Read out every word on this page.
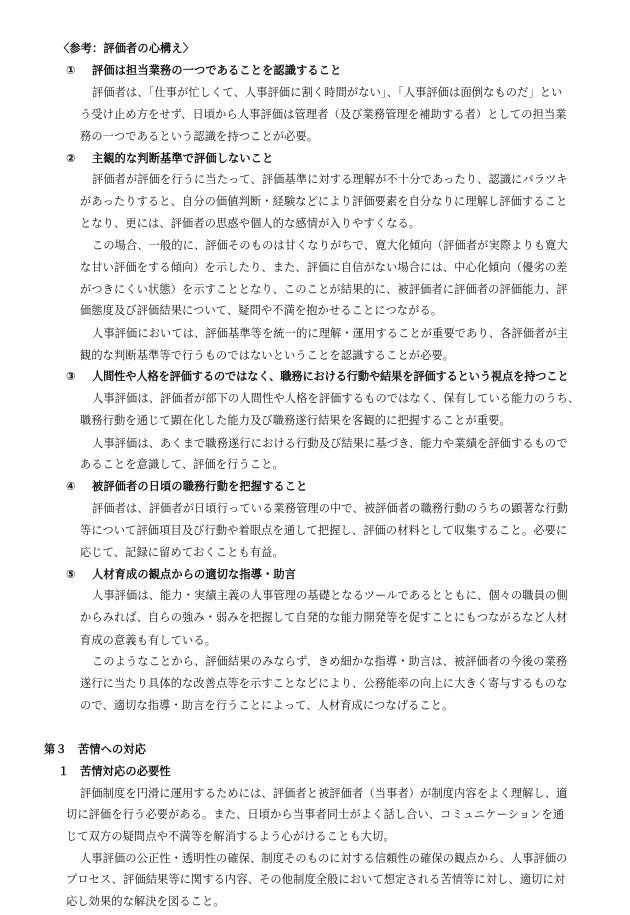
〈参考：評価者の心構え〉
① 評価は担当業務の一つであることを認識すること
評価者は、「仕事が忙しくて、人事評価に割く時間がない」、「人事評価は面倒なものだ」とい
う受け止め方をせず、日頃から人事評価は管理者（及び業務管理を補助する者）としての担当業
務の一つであるという認識を持つことが必要。
② 主観的な判断基準で評価しないこと
評価者が評価を行うに当たって、評価基準に対する理解が不十分であったり、認識にバラツキ
があったりすると、自分の価値判断・経験などにより評価要素を自分なりに理解し評価すること
となり、更には、評価者の思惑や個人的な感情が入りやすくなる。
この場合、一般的に、評価そのものは甘くなりがちで、寛大化傾向（評価者が実際よりも寛大
な甘い評価をする傾向）を示したり、また、評価に自信がない場合には、中心化傾向（優劣の差
がつきにくい状態）を示すこととなり、このことが結果的に、被評価者に評価者の評価能力、評
価態度及び評価結果について、疑問や不満を抱かせることにつながる。
人事評価においては、評価基準等を統一的に理解・運用することが重要であり、各評価者が主
観的な判断基準等で行うものではないということを認識することが必要。
③ 人間性や人格を評価するのではなく、職務における行動や結果を評価するという視点を持つこと
人事評価は、評価者が部下の人間性や人格を評価するものではなく、保有している能力のうち、
職務行動を通じて顕在化した能力及び職務遂行結果を客観的に把握することが重要。
人事評価は、あくまで職務遂行における行動及び結果に基づき、能力や業績を評価するもので
あることを意識して、評価を行うこと。
④ 被評価者の日頃の職務行動を把握すること
評価者は、評価者が日頃行っている業務管理の中で、被評価者の職務行動のうちの顕著な行動
等について評価項目及び行動や着眼点を通して把握し、評価の材料として収集すること。必要に
応じて、記録に留めておくことも有益。
⑤ 人材育成の観点からの適切な指導・助言
人事評価は、能力・実績主義の人事管理の基礎となるツールであるとともに、個々の職員の側
からみれば、自らの強み・弱みを把握して自発的な能力開発等を促すことにもつながるなど人材
育成の意義も有している。
このようなことから、評価結果のみならず、きめ細かな指導・助言は、被評価者の今後の業務
遂行に当たり具体的な改善点等を示すことなどにより、公務能率の向上に大きく寄与するものな
ので、適切な指導・助言を行うことによって、人材育成につなげること。
第３　苦情への対応
１ 苦情対応の必要性
評価制度を円滑に運用するためには、評価者と被評価者（当事者）が制度内容をよく理解し、適
切に評価を行う必要がある。また、日頃から当事者同士がよく話し合い、コミュニケーションを通
じて双方の疑問点や不満等を解消するよう心がけることも大切。
人事評価の公正性・透明性の確保、制度そのものに対する信頼性の確保の観点から、人事評価の
プロセス、評価結果等に関する内容、その他制度全般において想定される苦情等に対し、適切に対
応し効果的な解決を図ること。
